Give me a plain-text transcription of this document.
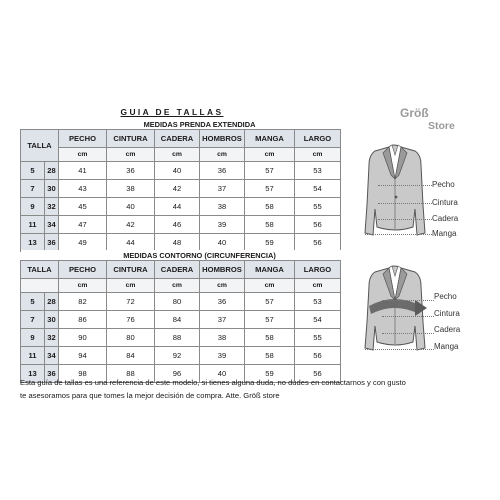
GUIA DE TALLAS	Größ
Store
		MEDIDAS PRENDA EXTENDIDA					
TALLA		PECHO	CINTURA	CADERA	HOMBROS	MANGA	LARGO
		cm	cm	cm	cm	cm	cm
5	28	41	36	40	36	57	53
7	30	43	38	42	37	57	54
9	32	45	40	44	38	58	55
11	34	47	42	46	39	58	56
13	36	49	44	48	40	59	56
		MEDIDAS CONTORNO (CIRCUNFERENCIA)					
TALLA		PECHO	CINTURA	CADERA	HOMBROS	MANGA	LARGO
		cm	cm	cm	cm	cm	cm
5	28	82	72	80	36	57	53
7	30	86	76	84	37	57	54
9	32	90	80	88	38	58	55
11	34	94	84	92	39	58	56
13	36	98	88	96	40	59	56
Pecho
Cintura
Cadera
Manga
Pecho
Cintura
Cadera
Manga
Esta guía de tallas es una referencia de este modelo, si tienes alguna duda, no dudes en contactarnos y con gusto
te asesoramos para que tomes la mejor decisión de compra. Atte. Größ store
